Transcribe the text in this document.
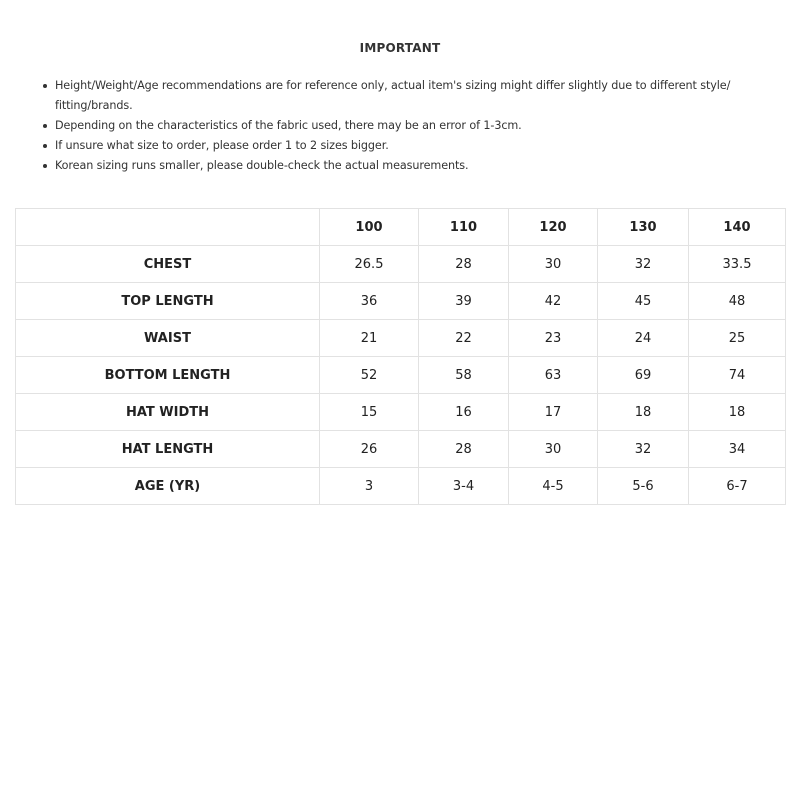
IMPORTANT
Height/Weight/Age recommendations are for reference only, actual item's sizing might differ slightly due to different style/ fitting/brands.
Depending on the characteristics of the fabric used, there may be an error of 1-3cm.
If unsure what size to order, please order 1 to 2 sizes bigger.
Korean sizing runs smaller, please double-check the actual measurements.
	100	110	120	130	140
CHEST	26.5	28	30	32	33.5
TOP LENGTH	36	39	42	45	48
WAIST	21	22	23	24	25
BOTTOM LENGTH	52	58	63	69	74
HAT WIDTH	15	16	17	18	18
HAT LENGTH	26	28	30	32	34
AGE (YR)	3	3-4	4-5	5-6	6-7
